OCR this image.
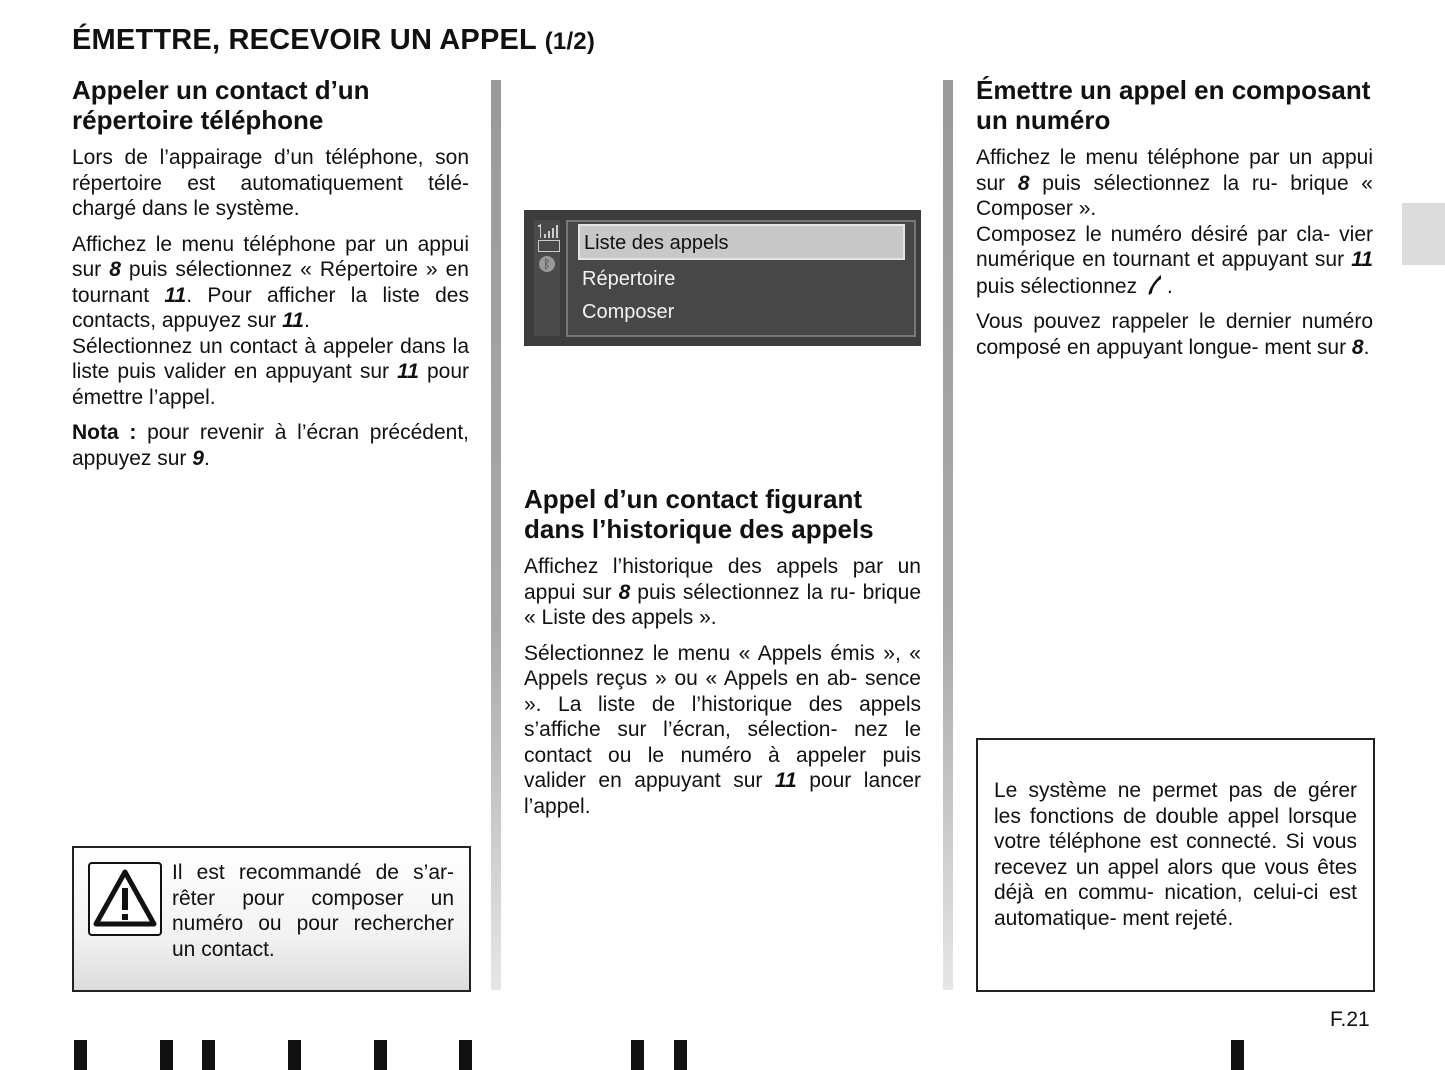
ÉMETTRE, RECEVOIR UN APPEL (1/2)
Appeler un contact d’un répertoire téléphone
Lors de l’appairage d’un téléphone, son répertoire est automatiquement télé- chargé dans le système.
Affichez le menu téléphone par un appui sur 8 puis sélectionnez « Répertoire » en tournant 11. Pour afficher la liste des contacts, appuyez sur 11.
Sélectionnez un contact à appeler dans la liste puis valider en appuyant sur 11 pour émettre l’appel.
Nota : pour revenir à l’écran précédent, appuyez sur 9.
ᛒ
Liste des appels
Répertoire
Composer
Appel d’un contact figurant dans l’historique des appels
Affichez l’historique des appels par un appui sur 8 puis sélectionnez la ru- brique « Liste des appels ».
Sélectionnez le menu « Appels émis », « Appels reçus » ou « Appels en ab- sence ». La liste de l’historique des appels s’affiche sur l’écran, sélection- nez le contact ou le numéro à appeler puis valider en appuyant sur 11 pour lancer l’appel.
Émettre un appel en composant un numéro
Affichez le menu téléphone par un appui sur 8 puis sélectionnez la ru- brique « Composer ».
Composez le numéro désiré par cla- vier numérique en tournant et appuyant sur 11 puis sélectionnez .
Vous pouvez rappeler le dernier numéro composé en appuyant longue- ment sur 8.
Il est recommandé de s’ar- rêter pour composer un numéro ou pour rechercher un contact.
Le système ne permet pas de gérer les fonctions de double appel lorsque votre téléphone est connecté. Si vous recevez un appel alors que vous êtes déjà en commu- nication, celui-ci est automatique- ment rejeté.
F.21
